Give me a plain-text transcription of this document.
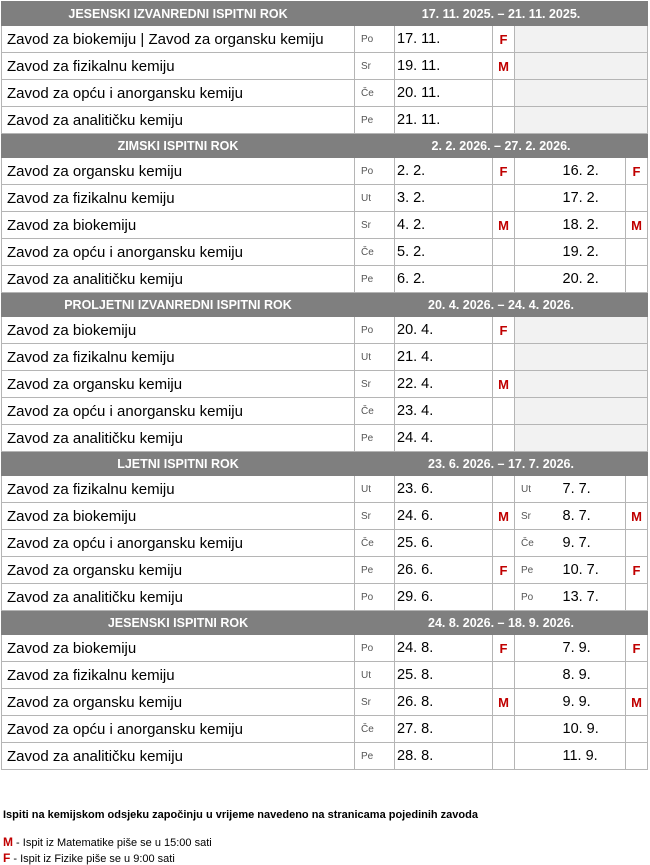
JESENSKI IZVANREDNI ISPITNI ROK	17. 11. 2025. – 21. 11. 2025.					
Zavod za biokemiju | Zavod za organsku kemiju	Po	17. 11.	F			
Zavod za fizikalnu kemiju	Sr	19. 11.	M			
Zavod za opću i anorgansku kemiju	Če	20. 11.				
Zavod za analitičku kemiju	Pe	21. 11.				
ZIMSKI ISPITNI ROK	2. 2. 2026. – 27. 2. 2026.					
Zavod za organsku kemiju	Po	2. 2.	F		16. 2.	F
Zavod za fizikalnu kemiju	Ut	3. 2.			17. 2.	
Zavod za biokemiju	Sr	4. 2.	M		18. 2.	M
Zavod za opću i anorgansku kemiju	Če	5. 2.			19. 2.	
Zavod za analitičku kemiju	Pe	6. 2.			20. 2.	
PROLJETNI IZVANREDNI ISPITNI ROK	20. 4. 2026. – 24. 4. 2026.					
Zavod za biokemiju	Po	20. 4.	F			
Zavod za fizikalnu kemiju	Ut	21. 4.				
Zavod za organsku kemiju	Sr	22. 4.	M			
Zavod za opću i anorgansku kemiju	Če	23. 4.				
Zavod za analitičku kemiju	Pe	24. 4.				
LJETNI ISPITNI ROK	23. 6. 2026. – 17. 7. 2026.					
Zavod za fizikalnu kemiju	Ut	23. 6.		Ut	7. 7.	
Zavod za biokemiju	Sr	24. 6.	M	Sr	8. 7.	M
Zavod za opću i anorgansku kemiju	Če	25. 6.		Če	9. 7.	
Zavod za organsku kemiju	Pe	26. 6.	F	Pe	10. 7.	F
Zavod za analitičku kemiju	Po	29. 6.		Po	13. 7.	
JESENSKI ISPITNI ROK	24. 8. 2026. – 18. 9. 2026.					
Zavod za biokemiju	Po	24. 8.	F		7. 9.	F
Zavod za fizikalnu kemiju	Ut	25. 8.			8. 9.	
Zavod za organsku kemiju	Sr	26. 8.	M		9. 9.	M
Zavod za opću i anorgansku kemiju	Če	27. 8.			10. 9.	
Zavod za analitičku kemiju	Pe	28. 8.			11. 9.	
Ispiti na kemijskom odsjeku započinju u vrijeme navedeno na stranicama pojedinih zavoda
M - Ispit iz Matematike piše se u 15:00 sati
F - Ispit iz Fizike piše se u 9:00 sati
